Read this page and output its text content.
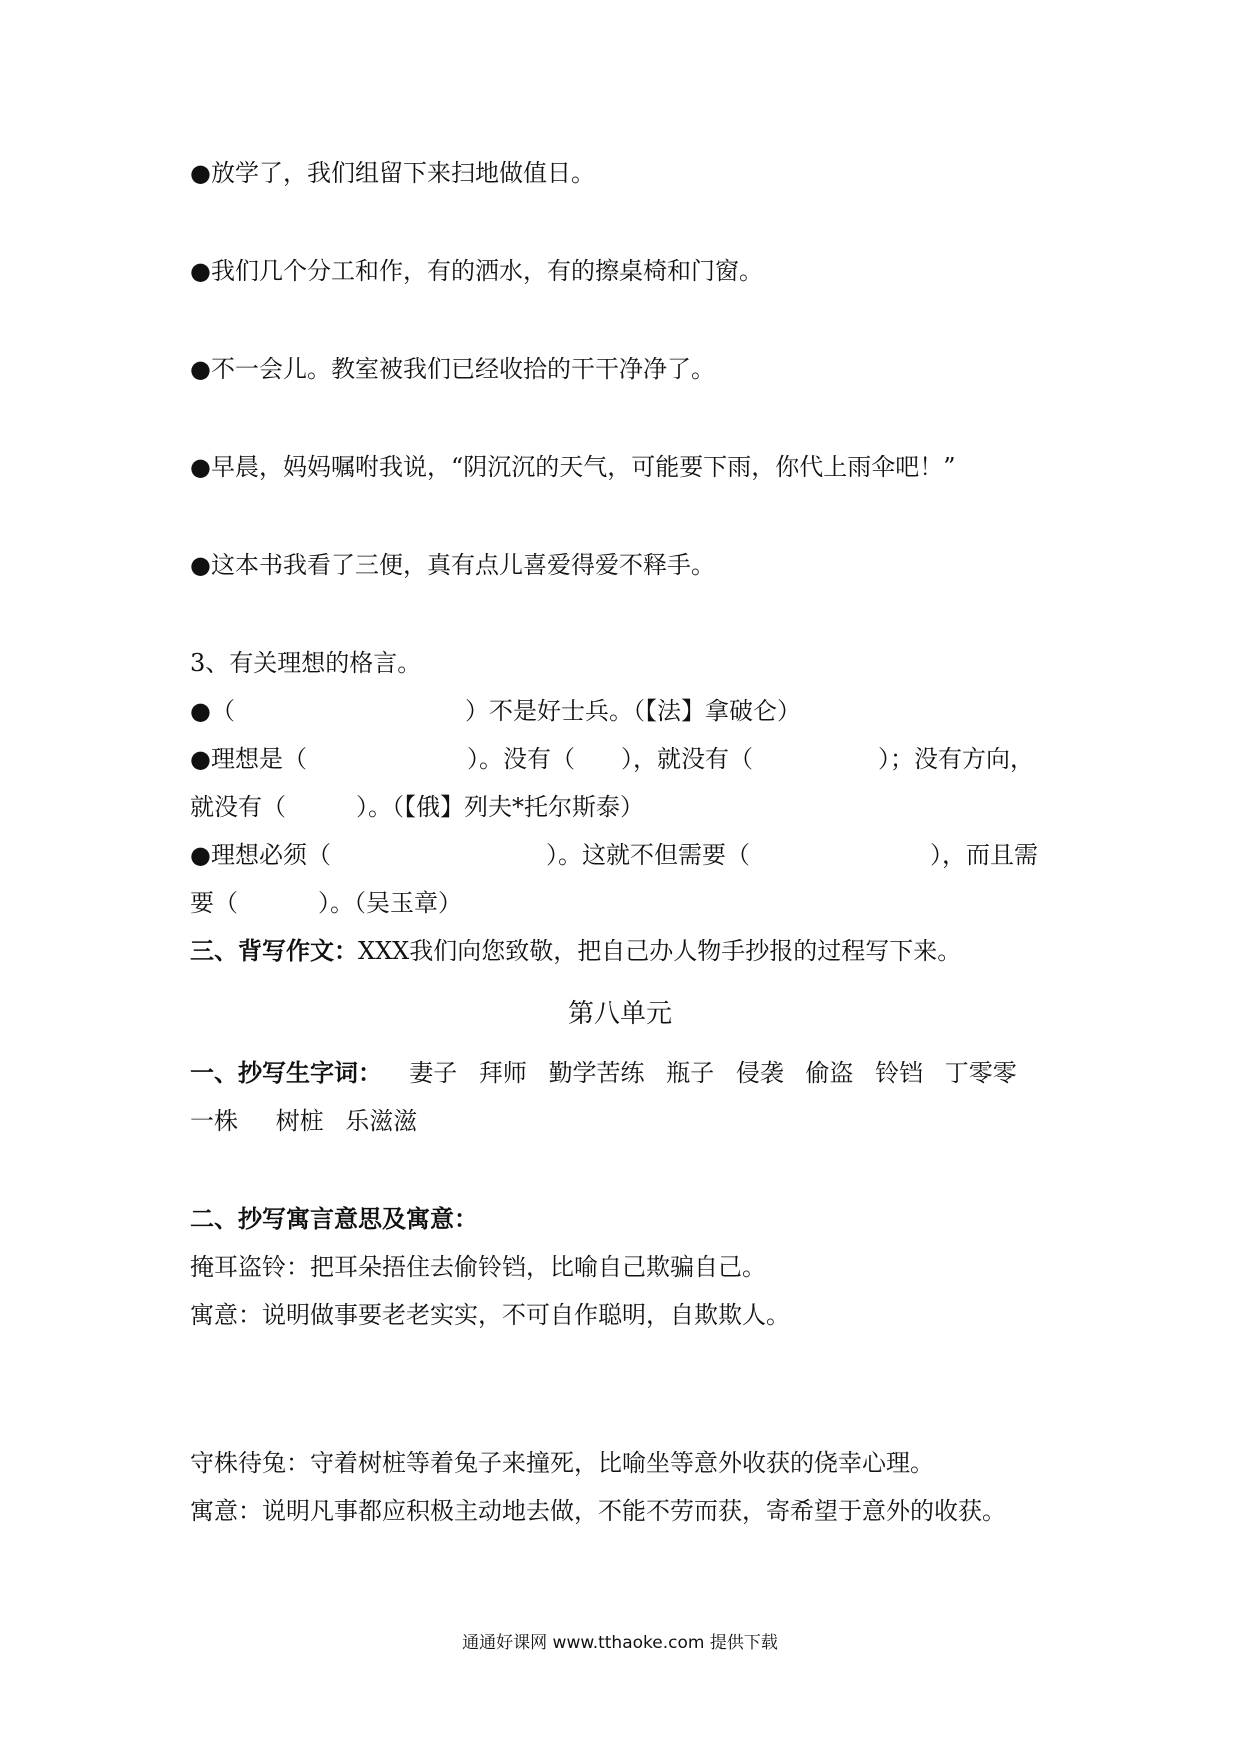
●放学了，我们组留下来扫地做值日。
●我们几个分工和作，有的洒水，有的擦桌椅和门窗。
●不一会儿。教室被我们已经收拾的干干净净了。
●早晨，妈妈嘱咐我说，“阴沉沉的天气，可能要下雨，你代上雨伞吧！”
●这本书我看了三便，真有点儿喜爱得爱不释手。
3、有关理想的格言。
●（	）不是好士兵。（【法】拿破仑）
●理想是（	）。没有（ ），就没有（	）；没有方向，
就没有（	）。（【俄】列夫*托尔斯泰）
●理想必须（	）。这就不但需要（	），而且需
要（	）。（吴玉章）
三、背写作文：XXX我们向您致敬，把自己办人物手抄报的过程写下来。
第八单元
一、抄写生字词： 妻子 拜师 勤学苦练 瓶子 侵袭 偷盗 铃铛 丁零零
一株 树桩 乐滋滋
二、抄写寓言意思及寓意：
掩耳盗铃：把耳朵捂住去偷铃铛，比喻自己欺骗自己。
寓意：说明做事要老老实实，不可自作聪明，自欺欺人。
守株待兔：守着树桩等着兔子来撞死，比喻坐等意外收获的侥幸心理。
寓意：说明凡事都应积极主动地去做，不能不劳而获，寄希望于意外的收获。
通通好课网 www.tthaoke.com 提供下载
